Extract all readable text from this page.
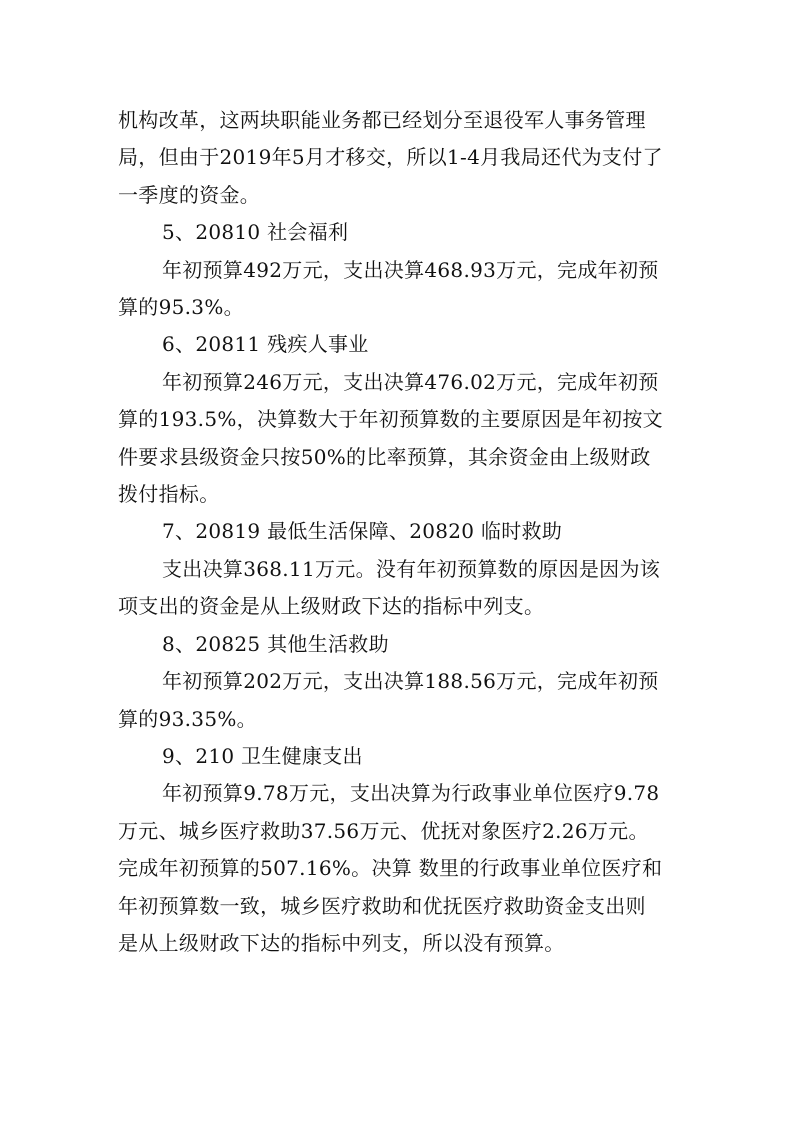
机构改革，这两块职能业务都已经划分至退役军人事务管理
局，但由于2019年5月才移交，所以1-4月我局还代为支付了
一季度的资金。

5、20810 社会福利

年初预算492万元，支出决算468.93万元，完成年初预
算的95.3%。

6、20811 残疾人事业

年初预算246万元，支出决算476.02万元，完成年初预
算的193.5%，决算数大于年初预算数的主要原因是年初按文
件要求县级资金只按50%的比率预算，其余资金由上级财政
拨付指标。

7、20819 最低生活保障、20820 临时救助

支出决算368.11万元。没有年初预算数的原因是因为该
项支出的资金是从上级财政下达的指标中列支。

8、20825 其他生活救助

年初预算202万元，支出决算188.56万元，完成年初预
算的93.35%。

9、210 卫生健康支出

年初预算9.78万元，支出决算为行政事业单位医疗9.78
万元、城乡医疗救助37.56万元、优抚对象医疗2.26万元。
完成年初预算的507.16%。决算 数里的行政事业单位医疗和
年初预算数一致，城乡医疗救助和优抚医疗救助资金支出则
是从上级财政下达的指标中列支，所以没有预算。
